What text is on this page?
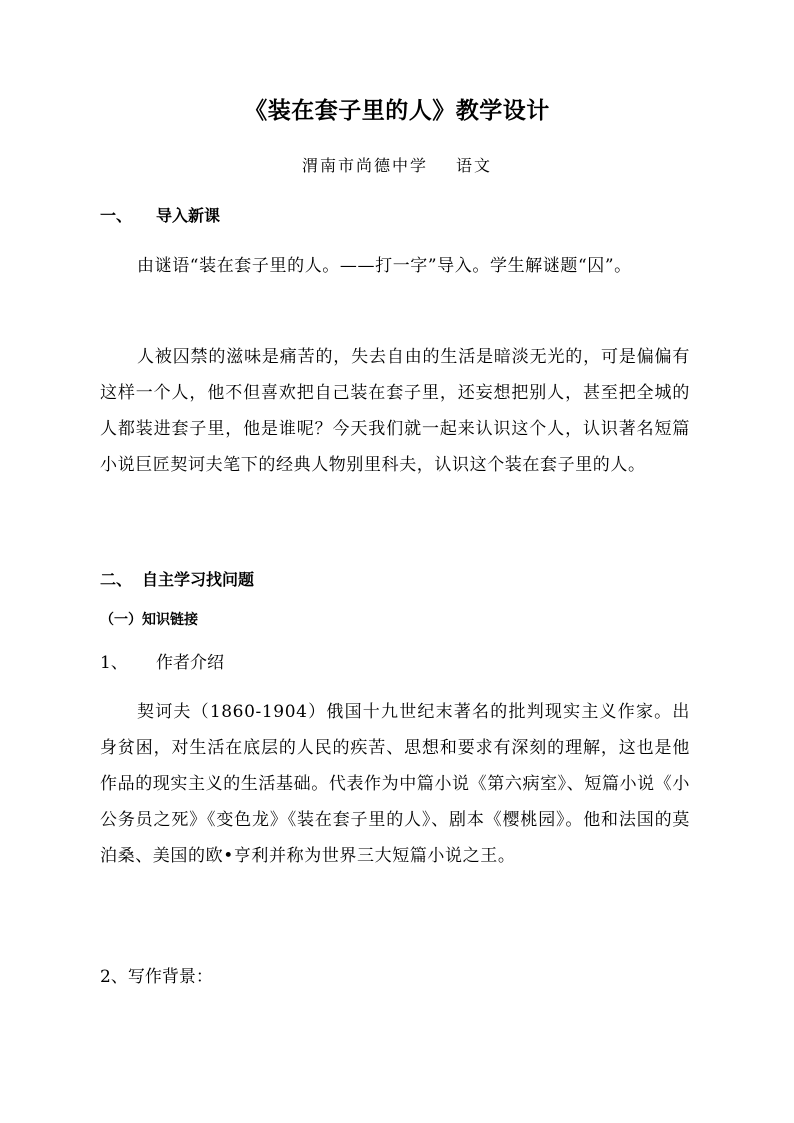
《装在套子里的人》教学设计
渭南市尚德中学 语文
一、 导入新课
由谜语“装在套子里的人。——打一字”导入。学生解谜题“囚”。
人被囚禁的滋味是痛苦的，失去自由的生活是暗淡无光的，可是偏偏有这样一个人，他不但喜欢把自己装在套子里，还妄想把别人，甚至把全城的人都装进套子里，他是谁呢？今天我们就一起来认识这个人，认识著名短篇小说巨匠契诃夫笔下的经典人物别里科夫，认识这个装在套子里的人。
二、 自主学习找问题
（一）知识链接
1、 作者介绍
契诃夫（1860-1904）俄国十九世纪末著名的批判现实主义作家。出身贫困，对生活在底层的人民的疾苦、思想和要求有深刻的理解，这也是他作品的现实主义的生活基础。代表作为中篇小说《第六病室》、短篇小说《小公务员之死》《变色龙》《装在套子里的人》、剧本《樱桃园》。他和法国的莫泊桑、美国的欧•亨利并称为世界三大短篇小说之王。
2、写作背景：
